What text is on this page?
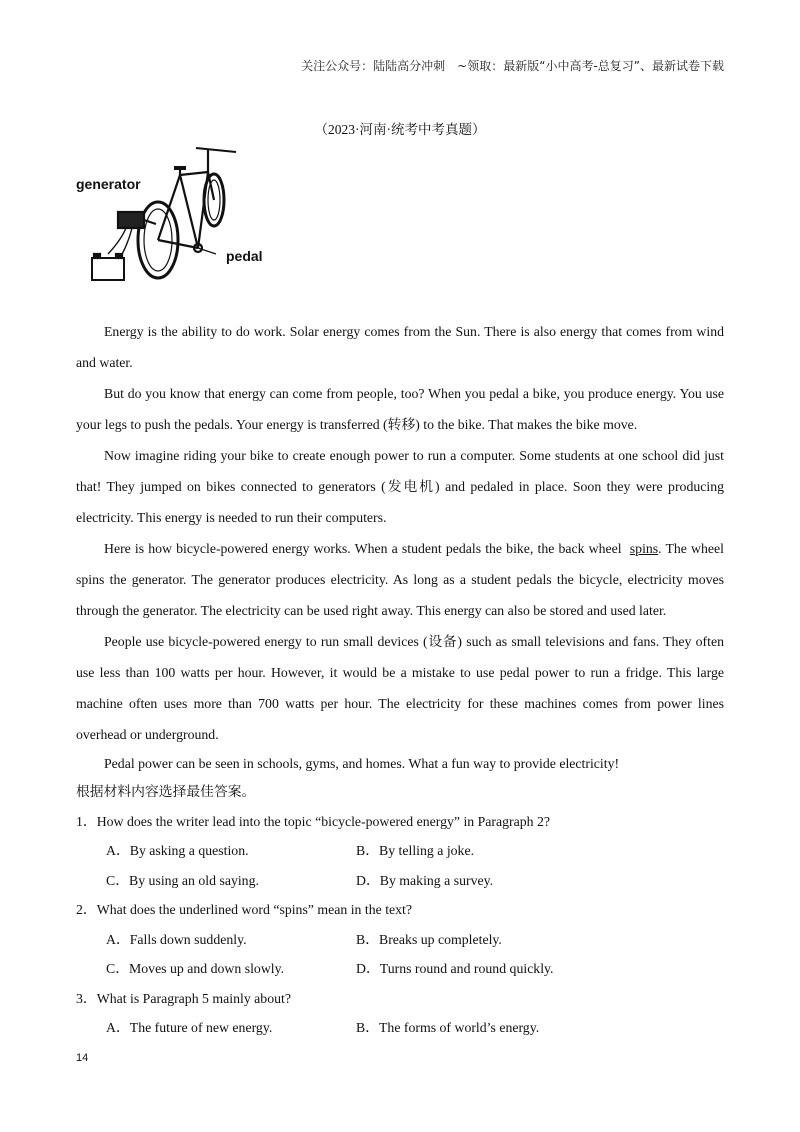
关注公众号：陆陆高分冲刺　~领取：最新版“小中高考-总复习”、最新试卷下载
（2023·河南·统考中考真题）
generator
pedal

Energy is the ability to do work. Solar energy comes from the Sun. There is also energy that comes from wind and water.

But do you know that energy can come from people, too? When you pedal a bike, you produce energy. You use your legs to push the pedals. Your energy is transferred (转移) to the bike. That makes the bike move.

Now imagine riding your bike to create enough power to run a computer. Some students at one school did just that! They jumped on bikes connected to generators (发电机) and pedaled in place. Soon they were producing electricity. This energy is needed to run their computers.

Here is how bicycle-powered energy works. When a student pedals the bike, the back wheel spins. The wheel spins the generator. The generator produces electricity. As long as a student pedals the bicycle, electricity moves through the generator. The electricity can be used right away. This energy can also be stored and used later.

People use bicycle-powered energy to run small devices (设备) such as small televisions and fans. They often use less than 100 watts per hour. However, it would be a mistake to use pedal power to run a fridge. This large machine often uses more than 700 watts per hour. The electricity for these machines comes from power lines overhead or underground.

Pedal power can be seen in schools, gyms, and homes. What a fun way to provide electricity!

根据材料内容选择最佳答案。

1．How does the writer lead into the topic “bicycle-powered energy” in Paragraph 2?

A．By asking a question.	B．By telling a joke.
C．By using an old saying.	D．By making a survey.

2．What does the underlined word “spins” mean in the text?

A．Falls down suddenly.	B．Breaks up completely.
C．Moves up and down slowly.	D．Turns round and round quickly.

3．What is Paragraph 5 mainly about?

A．The future of new energy.	B．The forms of world’s energy.
14
